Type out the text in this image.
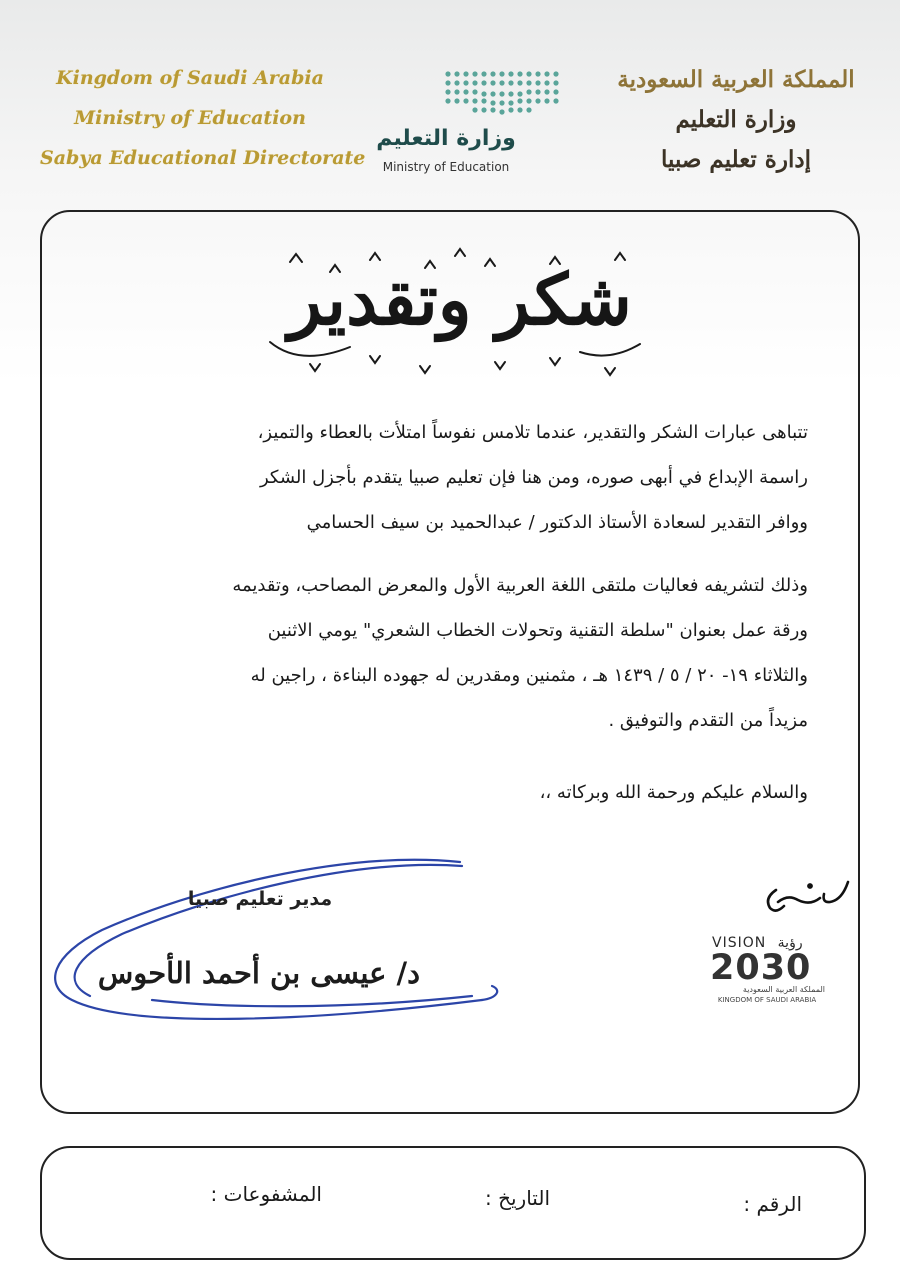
Kingdom of Saudi Arabia
Ministry of Education
Sabya Educational Directorate
وزارة التعليم
Ministry of Education
المملكة العربية السعودية
وزارة التعليم
إدارة تعليم صبيا
شكر وتقدير
تتباهى عبارات الشكر والتقدير، عندما تلامس نفوساً امتلأت بالعطاء والتميز،
راسمة الإبداع في أبهى صوره، ومن هنا فإن تعليم صبيا يتقدم بأجزل الشكر
ووافر التقدير لسعادة الأستاذ الدكتور / عبدالحميد بن سيف الحسامي
وذلك لتشريفه فعاليات ملتقى اللغة العربية الأول والمعرض المصاحب، وتقديمه
ورقة عمل بعنوان "سلطة التقنية وتحولات الخطاب الشعري" يومي الاثنين
والثلاثاء ١٩- ٢٠ / ٥ / ١٤٣٩ هـ ، مثمنين ومقدرين له جهوده البناءة ، راجين له
مزيداً من التقدم والتوفيق .
والسلام عليكم ورحمة الله وبركاته ،،
مدير تعليم صبيا
د/ عيسى بن أحمد الأحوس
VISION رؤية
2030
المملكة العربية السعودية
KINGDOM OF SAUDI ARABIA
الرقم :
التاريخ :
المشفوعات :
